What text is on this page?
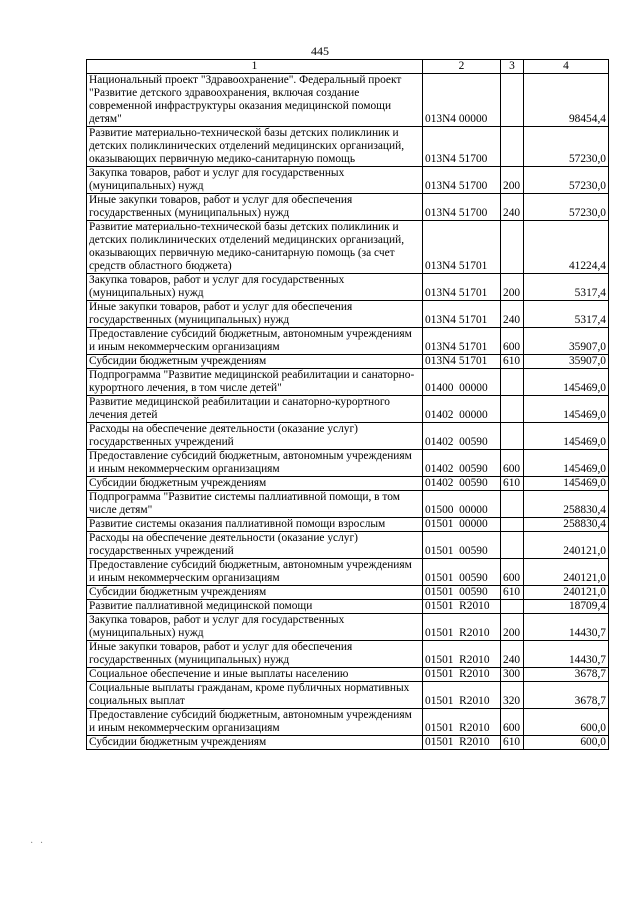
445
1	2	3	4
Национальный проект "Здравоохранение". Федеральный проект "Развитие детского здравоохранения, включая создание современной инфраструктуры оказания медицинской помощи детям"	013N4 00000		98454,4
Развитие материально-технической базы детских поликлиник и детских поликлинических отделений медицинских организаций, оказывающих первичную медико-санитарную помощь	013N4 51700		57230,0
Закупка товаров, работ и услуг для государственных (муниципальных) нужд	013N4 51700	200	57230,0
Иные закупки товаров, работ и услуг для обеспечения государственных (муниципальных) нужд	013N4 51700	240	57230,0
Развитие материально-технической базы детских поликлиник и детских поликлинических отделений медицинских организаций, оказывающих первичную медико-санитарную помощь (за счет средств областного бюджета)	013N4 51701		41224,4
Закупка товаров, работ и услуг для государственных (муниципальных) нужд	013N4 51701	200	5317,4
Иные закупки товаров, работ и услуг для обеспечения государственных (муниципальных) нужд	013N4 51701	240	5317,4
Предоставление субсидий бюджетным, автономным учреждениям и иным некоммерческим организациям	013N4 51701	600	35907,0
Субсидии бюджетным учреждениям	013N4 51701	610	35907,0
Подпрограмма "Развитие медицинской реабилитации и санаторно-курортного лечения, в том числе детей"	01400  00000		145469,0
Развитие медицинской реабилитации и санаторно-курортного лечения детей	01402  00000		145469,0
Расходы на обеспечение деятельности (оказание услуг) государственных учреждений	01402  00590		145469,0
Предоставление субсидий бюджетным, автономным учреждениям и иным некоммерческим организациям	01402  00590	600	145469,0
Субсидии бюджетным учреждениям	01402  00590	610	145469,0
Подпрограмма "Развитие системы паллиативной помощи, в том числе детям"	01500  00000		258830,4
Развитие системы оказания паллиативной помощи взрослым	01501  00000		258830,4
Расходы на обеспечение деятельности (оказание услуг) государственных учреждений	01501  00590		240121,0
Предоставление субсидий бюджетным, автономным учреждениям и иным некоммерческим организациям	01501  00590	600	240121,0
Субсидии бюджетным учреждениям	01501  00590	610	240121,0
Развитие паллиативной медицинской помощи	01501  R2010		18709,4
Закупка товаров, работ и услуг для государственных (муниципальных) нужд	01501  R2010	200	14430,7
Иные закупки товаров, работ и услуг для обеспечения государственных (муниципальных) нужд	01501  R2010	240	14430,7
Социальное обеспечение и иные выплаты населению	01501  R2010	300	3678,7
Социальные выплаты гражданам, кроме публичных нормативных социальных выплат	01501  R2010	320	3678,7
Предоставление субсидий бюджетным, автономным учреждениям и иным некоммерческим организациям	01501  R2010	600	600,0
Субсидии бюджетным учреждениям	01501  R2010	610	600,0
· ·
